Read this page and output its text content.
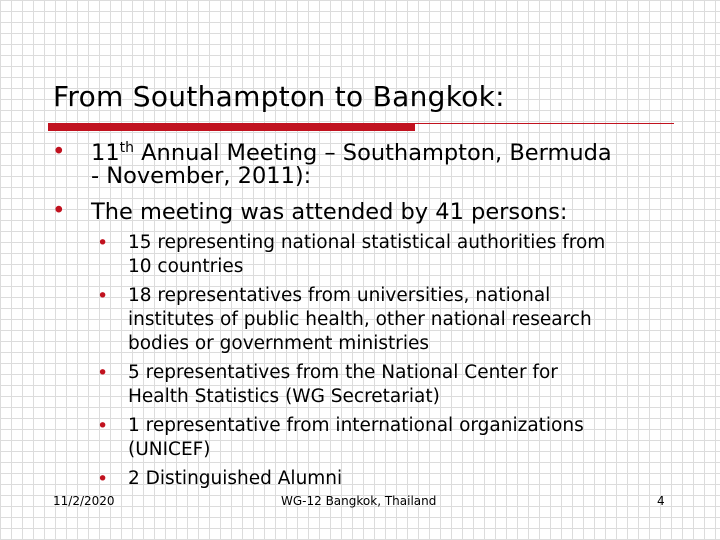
From Southampton to Bangkok:
• 11th Annual Meeting – Southampton, Bermuda
- November, 2011):
• The meeting was attended by 41 persons:
• 15 representing national statistical authorities from
10 countries
• 18 representatives from universities, national
institutes of public health, other national research
bodies or government ministries
• 5 representatives from the National Center for
Health Statistics (WG Secretariat)
• 1 representative from international organizations
(UNICEF)
• 2 Distinguished Alumni
11/2/2020	WG-12 Bangkok, Thailand	4
